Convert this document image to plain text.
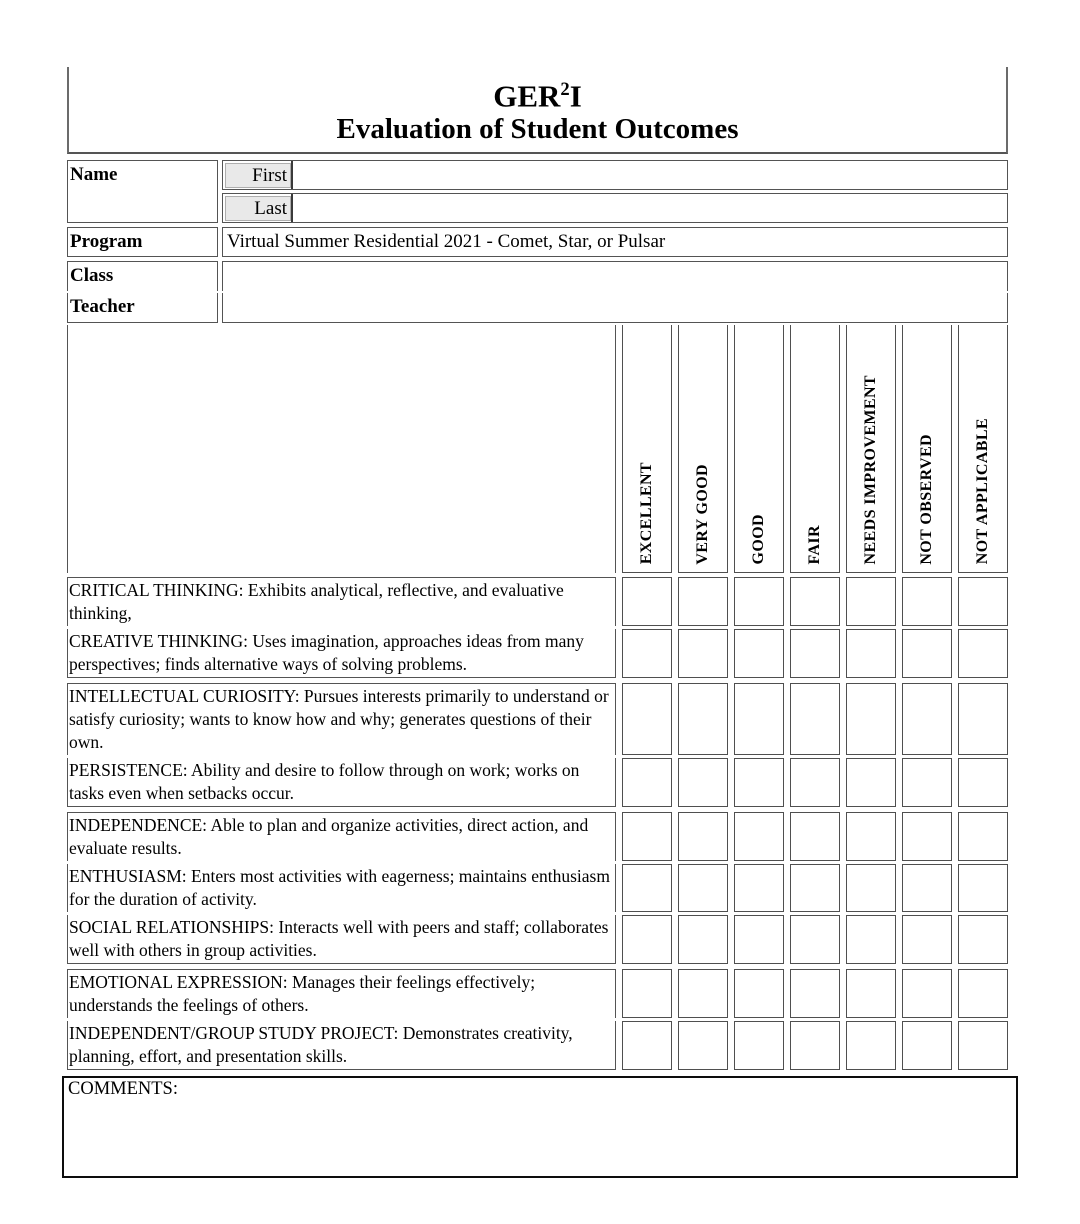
GER$^2$I
Evaluation of Student Outcomes
Name	First
Last
Program	Virtual Summer Residential 2021 - Comet, Star, or Pulsar
Class
Teacher
EXCELLENT VERY GOOD GOOD FAIR NEEDS IMPROVEMENT NOT OBSERVED NOT APPLICABLE
CRITICAL THINKING: Exhibits analytical, reflective, and evaluative thinking,
CREATIVE THINKING: Uses imagination, approaches ideas from many perspectives; finds alternative ways of solving problems.
INTELLECTUAL CURIOSITY: Pursues interests primarily to understand or satisfy curiosity; wants to know how and why; generates questions of their own.
PERSISTENCE: Ability and desire to follow through on work; works on tasks even when setbacks occur.
INDEPENDENCE: Able to plan and organize activities, direct action, and evaluate results.
ENTHUSIASM: Enters most activities with eagerness; maintains enthusiasm for the duration of activity.
SOCIAL RELATIONSHIPS: Interacts well with peers and staff; collaborates well with others in group activities.
EMOTIONAL EXPRESSION: Manages their feelings effectively; understands the feelings of others.
INDEPENDENT/GROUP STUDY PROJECT: Demonstrates creativity, planning, effort, and presentation skills.
COMMENTS:
